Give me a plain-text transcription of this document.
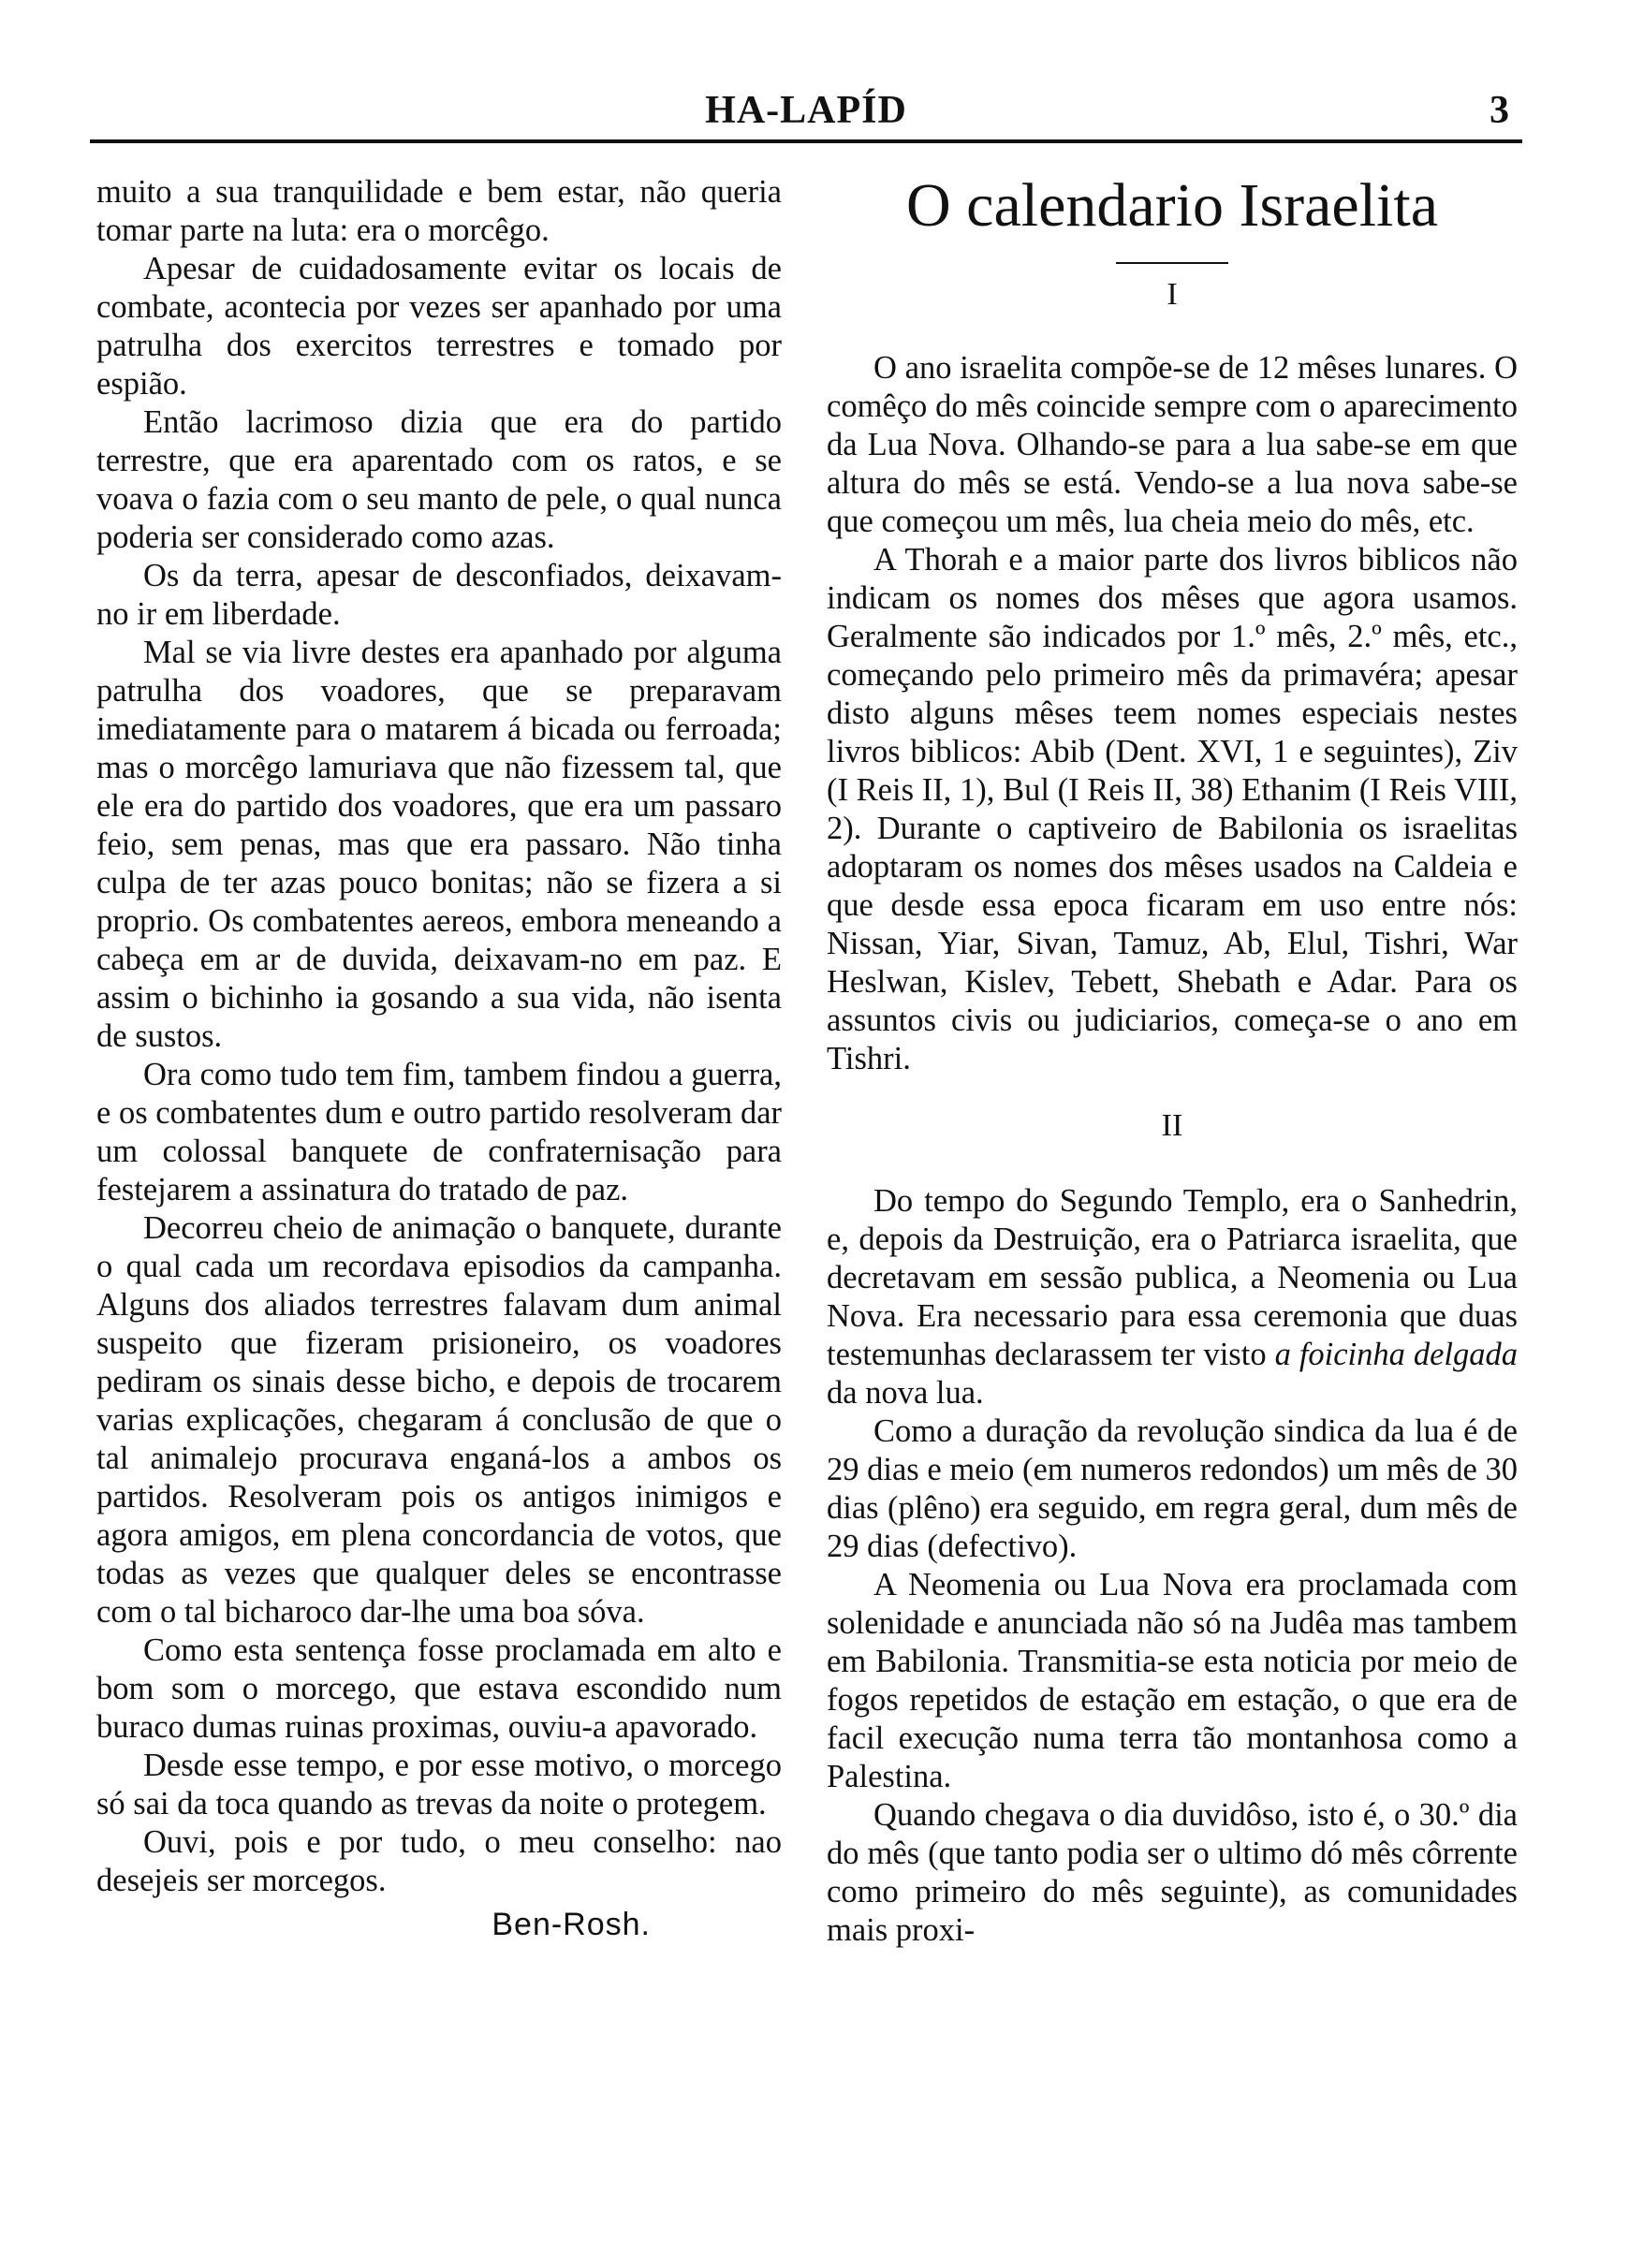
HA-LAPÍD	3

muito a sua tranquilidade e bem estar, não queria tomar parte na luta: era o morcêgo.

Apesar de cuidadosamente evitar os locais de combate, acontecia por vezes ser apanhado por uma patrulha dos exercitos terrestres e tomado por espião.

Então lacrimoso dizia que era do partido terrestre, que era aparentado com os ratos, e se voava o fazia com o seu manto de pele, o qual nunca poderia ser considerado como azas.

Os da terra, apesar de desconfiados, deixavam-no ir em liberdade.

Mal se via livre destes era apanhado por alguma patrulha dos voadores, que se preparavam imediatamente para o matarem á bicada ou ferroada; mas o morcêgo lamuriava que não fizessem tal, que ele era do partido dos voadores, que era um passaro feio, sem penas, mas que era passaro. Não tinha culpa de ter azas pouco bonitas; não se fizera a si proprio. Os combatentes aereos, embora meneando a cabeça em ar de duvida, deixavam-no em paz. E assim o bichinho ia gosando a sua vida, não isenta de sustos.

Ora como tudo tem fim, tambem findou a guerra, e os combatentes dum e outro partido resolveram dar um colossal banquete de confraternisação para festejarem a assinatura do tratado de paz.

Decorreu cheio de animação o banquete, durante o qual cada um recordava episodios da campanha. Alguns dos aliados terrestres falavam dum animal suspeito que fizeram prisioneiro, os voadores pediram os sinais desse bicho, e depois de trocarem varias explicações, chegaram á conclusão de que o tal animalejo procurava enganá-los a ambos os partidos. Resolveram pois os antigos inimigos e agora amigos, em plena concordancia de votos, que todas as vezes que qualquer deles se encontrasse com o tal bicharoco dar-lhe uma boa sóva.

Como esta sentença fosse proclamada em alto e bom som o morcego, que estava escondido num buraco dumas ruinas proximas, ouviu-a apavorado.

Desde esse tempo, e por esse motivo, o morcego só sai da toca quando as trevas da noite o protegem.

Ouvi, pois e por tudo, o meu conselho: nao desejeis ser morcegos.

Ben-Rosh.
O calendario Israelita
I

O ano israelita compõe-se de 12 mêses lunares. O comêço do mês coincide sempre com o aparecimento da Lua Nova. Olhando-se para a lua sabe-se em que altura do mês se está. Vendo-se a lua nova sabe-se que começou um mês, lua cheia meio do mês, etc.

A Thorah e a maior parte dos livros biblicos não indicam os nomes dos mêses que agora usamos. Geralmente são indicados por 1.º mês, 2.º mês, etc., começando pelo primeiro mês da primavéra; apesar disto alguns mêses teem nomes especiais nestes livros biblicos: Abib (Dent. XVI, 1 e seguintes), Ziv (I Reis II, 1), Bul (I Reis II, 38) Ethanim (I Reis VIII, 2). Durante o captiveiro de Babilonia os israelitas adoptaram os nomes dos mêses usados na Caldeia e que desde essa epoca ficaram em uso entre nós: Nissan, Yiar, Sivan, Tamuz, Ab, Elul, Tishri, War Heslwan, Kislev, Tebett, Shebath e Adar. Para os assuntos civis ou judiciarios, começa-se o ano em Tishri.

II

Do tempo do Segundo Templo, era o Sanhedrin, e, depois da Destruição, era o Patriarca israelita, que decretavam em sessão publica, a Neomenia ou Lua Nova. Era necessario para essa ceremonia que duas testemunhas declarassem ter visto a foicinha delgada da nova lua.

Como a duração da revolução sindica da lua é de 29 dias e meio (em numeros redondos) um mês de 30 dias (plêno) era seguido, em regra geral, dum mês de 29 dias (defectivo).

A Neomenia ou Lua Nova era proclamada com solenidade e anunciada não só na Judêa mas tambem em Babilonia. Transmitia-se esta noticia por meio de fogos repetidos de estação em estação, o que era de facil execução numa terra tão montanhosa como a Palestina.

Quando chegava o dia duvidôso, isto é, o 30.º dia do mês (que tanto podia ser o ultimo dó mês côrrente como primeiro do mês seguinte), as comunidades mais proxi-
